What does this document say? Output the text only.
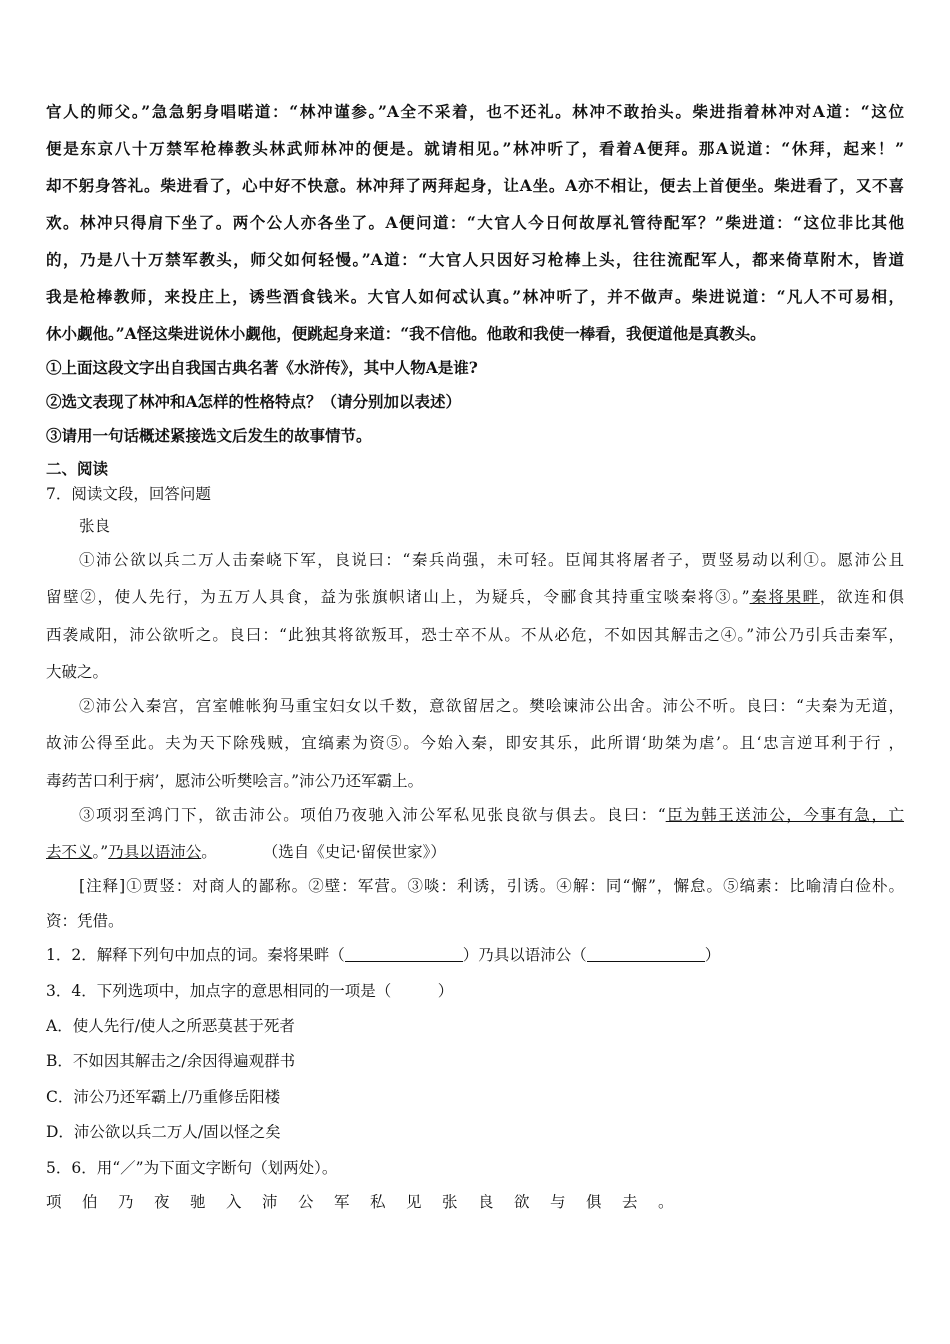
官人的师父。”急急躬身唱喏道：“林冲谨参。”A全不采着，也不还礼。林冲不敢抬头。柴进指着林冲对A道：“这位
便是东京八十万禁军枪棒教头林武师林冲的便是。就请相见。”林冲听了，看着A便拜。那A说道：“休拜，起来！”
却不躬身答礼。柴进看了，心中好不快意。林冲拜了两拜起身，让A坐。A亦不相让，便去上首便坐。柴进看了，又不喜
欢。林冲只得肩下坐了。两个公人亦各坐了。A便问道：“大官人今日何故厚礼管待配军？”柴进道：“这位非比其他
的，乃是八十万禁军教头，师父如何轻慢。”A道：“大官人只因好习枪棒上头，往往流配军人，都来倚草附木，皆道
我是枪棒教师，来投庄上，诱些酒食钱米。大官人如何忒认真。”林冲听了，并不做声。柴进说道：“凡人不可易相，
休小觑他。”A怪这柴进说休小觑他，便跳起身来道：“我不信他。他敢和我使一棒看，我便道他是真教头。
①上面这段文字出自我国古典名著《水浒传》，其中人物A是谁?
②选文表现了林冲和A怎样的性格特点？（请分别加以表述）
③请用一句话概述紧接选文后发生的故事情节。
二、阅读
7．阅读文段，回答问题
张良
①沛公欲以兵二万人击秦峣下军，良说曰：“秦兵尚强，未可轻。臣闻其将屠者子，贾竖易动以利①。愿沛公且
留壁②，使人先行，为五万人具食，益为张旗帜诸山上，为疑兵，令郦食其持重宝啖秦将③。”秦将果畔，欲连和俱
西袭咸阳，沛公欲听之。良曰：“此独其将欲叛耳，恐士卒不从。不从必危，不如因其解击之④。”沛公乃引兵击秦军，
大破之。
②沛公入秦宫，宫室帷帐狗马重宝妇女以千数，意欲留居之。樊哙谏沛公出舍。沛公不听。良曰：“夫秦为无道，
故沛公得至此。夫为天下除残贼，宜缟素为资⑤。今始入秦，即安其乐，此所谓‘助桀为虐’。且‘忠言逆耳利于行 ，
毒药苦口利于病’，愿沛公听樊哙言。”沛公乃还军霸上。
③项羽至鸿门下，欲击沛公。项伯乃夜驰入沛公军私见张良欲与俱去。良曰：“臣为韩王送沛公，今事有急，亡
去不义。”乃具以语沛公。	（选自《史记·留侯世家》）
[注释]①贾竖：对商人的鄙称。②壁：军营。③啖：利诱，引诱。④解：同“懈”，懈怠。⑤缟素：比喻清白俭朴。
资：凭借。
1．2．解释下列句中加点的词。秦将果畔（	）乃具以语沛公（	）
3．4．下列选项中，加点字的意思相同的一项是（　　　）
A．使人先行/使人之所恶莫甚于死者
B．不如因其解击之/余因得遍观群书
C．沛公乃还军霸上/乃重修岳阳楼
D．沛公欲以兵二万人/固以怪之矣
5．6．用“／”为下面文字断句（划两处）。
项伯乃夜驰入沛公军私见张良欲与俱去。
